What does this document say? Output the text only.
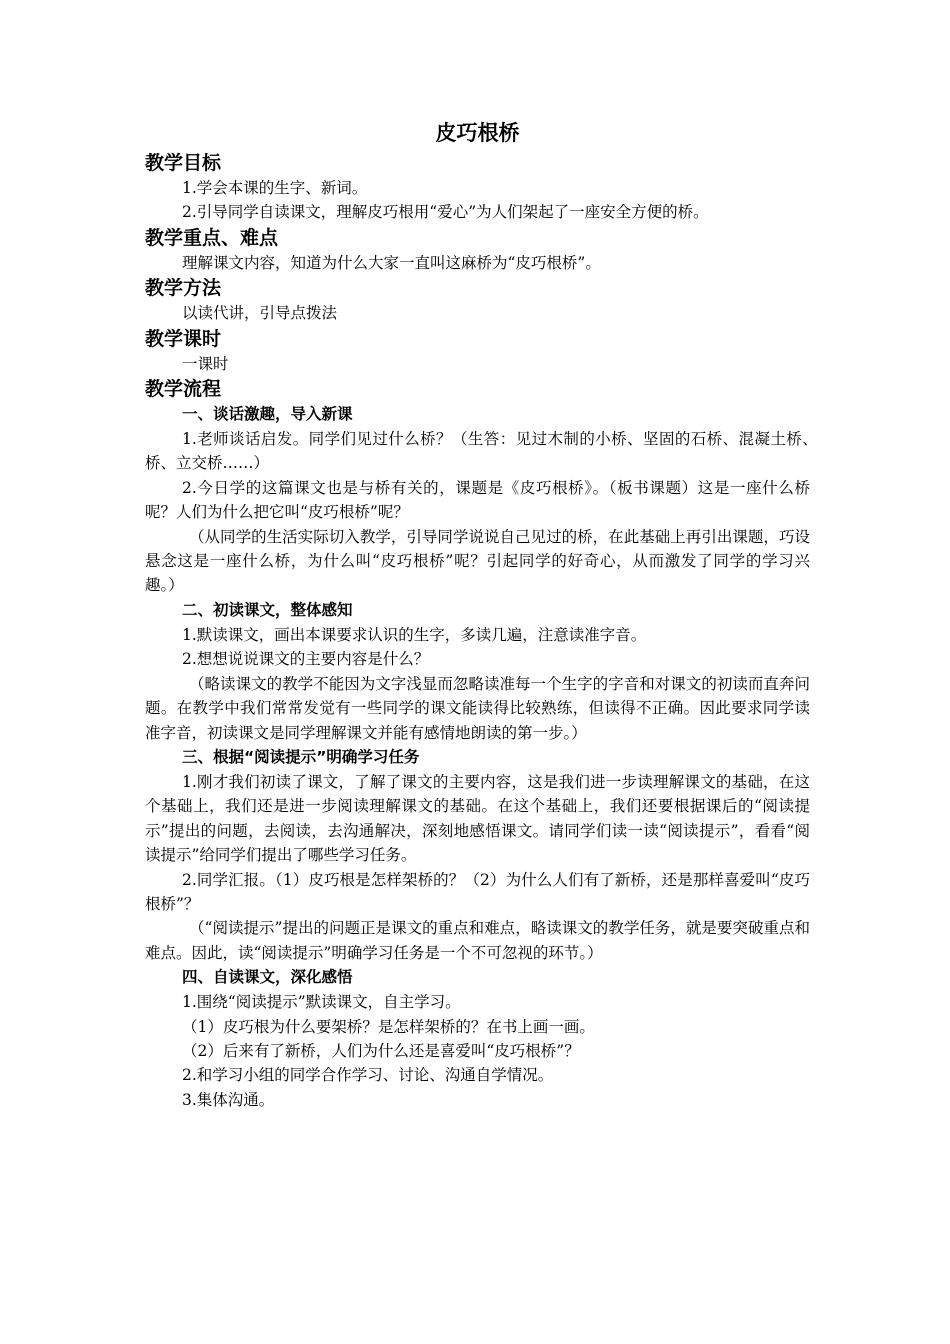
皮巧根桥
教学目标

1.学会本课的生字、新词。

2.引导同学自读课文，理解皮巧根用“爱心”为人们架起了一座安全方便的桥。

教学重点、难点

理解课文内容，知道为什么大家一直叫这麻桥为“皮巧根桥”。

教学方法

以读代讲，引导点拨法

教学课时

一课时

教学流程
一、谈话激趣，导入新课

1.老师谈话启发。同学们见过什么桥？（生答：见过木制的小桥、坚固的石桥、混凝土桥、　　　桥、立交桥……）

2.今日学的这篇课文也是与桥有关的，课题是《皮巧根桥》。（板书课题）这是一座什么桥呢？人们为什么把它叫“皮巧根桥”呢？

（从同学的生活实际切入教学，引导同学说说自己见过的桥，在此基础上再引出课题，巧设悬念这是一座什么桥，为什么叫“皮巧根桥”呢？引起同学的好奇心，从而激发了同学的学习兴趣。）

二、初读课文，整体感知

1.默读课文，画出本课要求认识的生字，多读几遍，注意读准字音。

2.想想说说课文的主要内容是什么？

（略读课文的教学不能因为文字浅显而忽略读准每一个生字的字音和对课文的初读而直奔问题。在教学中我们常常发觉有一些同学的课文能读得比较熟练，但读得不正确。因此要求同学读准字音，初读课文是同学理解课文并能有感情地朗读的第一步。）

三、根据“阅读提示”明确学习任务

1.刚才我们初读了课文，了解了课文的主要内容，这是我们进一步读理解课文的基础，在这个基础上，我们还是进一步阅读理解课文的基础。在这个基础上，我们还要根据课后的“阅读提示”提出的问题，去阅读，去沟通解决，深刻地感悟课文。请同学们读一读“阅读提示”，看看“阅读提示”给同学们提出了哪些学习任务。

2.同学汇报。（1）皮巧根是怎样架桥的？（2）为什么人们有了新桥，还是那样喜爱叫“皮巧根桥”？

（“阅读提示”提出的问题正是课文的重点和难点，略读课文的教学任务，就是要突破重点和难点。因此，读“阅读提示”明确学习任务是一个不可忽视的环节。）

四、自读课文，深化感悟

1.围绕“阅读提示”默读课文，自主学习。

（1）皮巧根为什么要架桥？是怎样架桥的？在书上画一画。

（2）后来有了新桥，人们为什么还是喜爱叫“皮巧根桥”？

2.和学习小组的同学合作学习、讨论、沟通自学情况。

3.集体沟通。
